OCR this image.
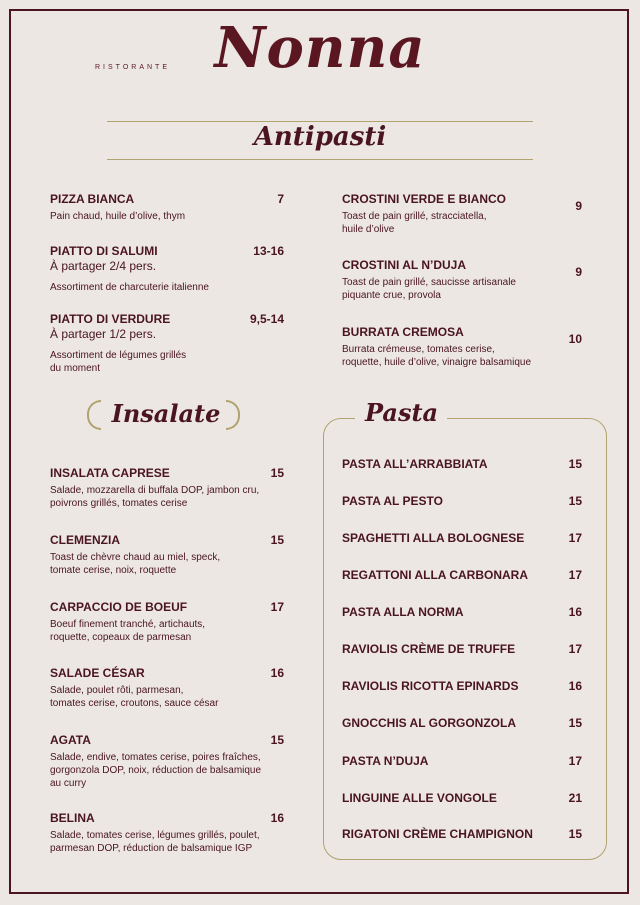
Nonna
RISTORANTE
Antipasti
PIZZA BIANCA
Pain chaud, huile d’olive, thym
7
PIATTO DI SALUMI
À partager 2/4 pers.
Assortiment de charcuterie italienne
13-16
PIATTO DI VERDURE
À partager 1/2 pers.
Assortiment de légumes grillés
du moment
9,5-14
CROSTINI VERDE E BIANCO
Toast de pain grillé, stracciatella,
huile d’olive
9
CROSTINI AL N’DUJA
Toast de pain grillé, saucisse artisanale
piquante crue, provola
9
BURRATA CREMOSA
Burrata crémeuse, tomates cerise,
roquette, huile d’olive, vinaigre balsamique
10
Insalate
INSALATA CAPRESE
Salade, mozzarella di buffala DOP, jambon cru,
poivrons grillés, tomates cerise
15
CLEMENZIA
Toast de chèvre chaud au miel, speck,
tomate cerise, noix, roquette
15
CARPACCIO DE BOEUF
Boeuf finement tranché, artichauts,
roquette, copeaux de parmesan
17
SALADE CÉSAR
Salade, poulet rôti, parmesan,
tomates cerise, croutons, sauce césar
16
AGATA
Salade, endive, tomates cerise, poires fraîches,
gorgonzola DOP, noix, réduction de balsamique
au curry
15
BELINA
Salade, tomates cerise, légumes grillés, poulet,
parmesan DOP, réduction de balsamique IGP
16
Pasta
PASTA ALL’ARRABBIATA	15
PASTA AL PESTO	15
SPAGHETTI ALLA BOLOGNESE	17
REGATTONI ALLA CARBONARA	17
PASTA ALLA NORMA	16
RAVIOLIS CRÈME DE TRUFFE	17
RAVIOLIS RICOTTA EPINARDS	16
GNOCCHIS AL GORGONZOLA	15
PASTA N’DUJA	17
LINGUINE ALLE VONGOLE	21
RIGATONI CRÈME CHAMPIGNON	15
